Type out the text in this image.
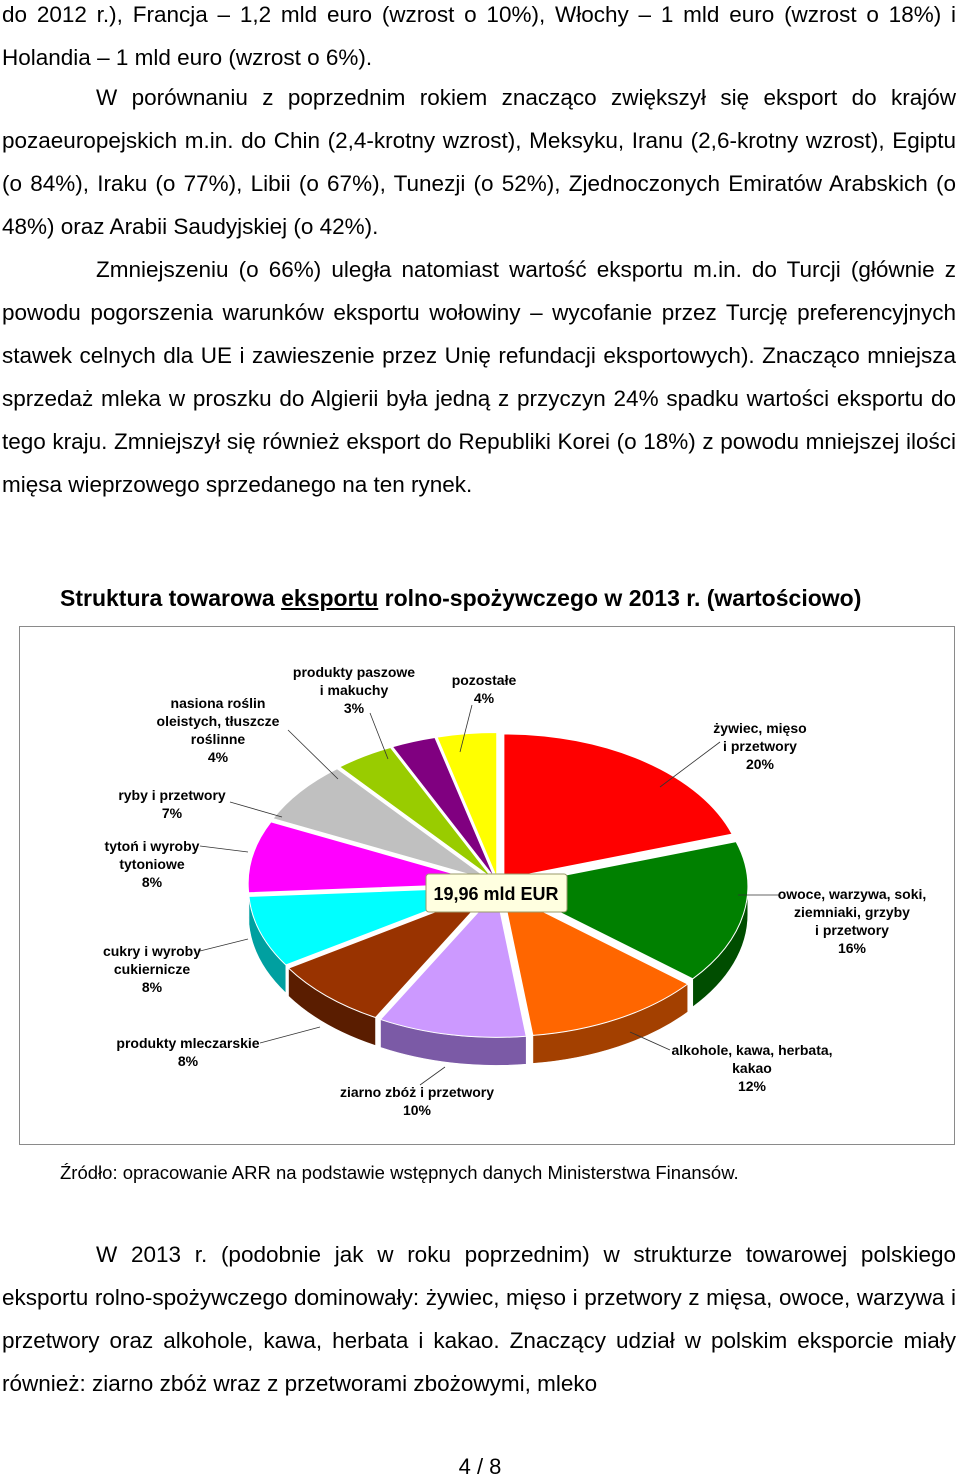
do 2012 r.), Francja – 1,2 mld euro (wzrost o 10%), Włochy – 1 mld euro (wzrost o 18%) i Holandia – 1 mld euro (wzrost o 6%).

W porównaniu z poprzednim rokiem znacząco zwiększył się eksport do krajów pozaeuropejskich m.in. do Chin (2,4-krotny wzrost), Meksyku, Iranu (2,6-krotny wzrost), Egiptu (o 84%), Iraku (o 77%), Libii (o 67%), Tunezji (o 52%), Zjednoczonych Emiratów Arabskich (o 48%) oraz Arabii Saudyjskiej (o 42%).

Zmniejszeniu (o 66%) uległa natomiast wartość eksportu m.in. do Turcji (głównie z powodu pogorszenia warunków eksportu wołowiny – wycofanie przez Turcję preferencyjnych stawek celnych dla UE i zawieszenie przez Unię refundacji eksportowych). Znacząco mniejsza sprzedaż mleka w proszku do Algierii była jedną z przyczyn 24% spadku wartości eksportu do tego kraju. Zmniejszył się również eksport do Republiki Korei (o 18%) z powodu mniejszej ilości mięsa wieprzowego sprzedanego na ten rynek.

Struktura towarowa eksportu rolno-spożywczego w 2013 r. (wartościowo)

żywiec, mięso i przetwory 20%
owoce, warzywa, soki, ziemniaki, grzyby i przetwory 16%
alkohole, kawa, herbata, kakao 12%
ziarno zbóż i przetwory 10%
produkty mleczarskie 8%
cukry i wyroby cukiernicze 8%
tytoń i wyroby tytoniowe 8%
ryby i przetwory 7%
nasiona roślin oleistych, tłuszcze roślinne 4%
produkty paszowe i makuchy 3%
pozostałe 4%
19,96 mld EUR

Źródło: opracowanie ARR na podstawie wstępnych danych Ministerstwa Finansów.

W 2013 r. (podobnie jak w roku poprzednim) w strukturze towarowej polskiego eksportu rolno-spożywczego dominowały: żywiec, mięso i przetwory z mięsa, owoce, warzywa i przetwory oraz alkohole, kawa, herbata i kakao. Znaczący udział w polskim eksporcie miały również: ziarno zbóż wraz z przetworami zbożowymi, mleko

4 / 8
